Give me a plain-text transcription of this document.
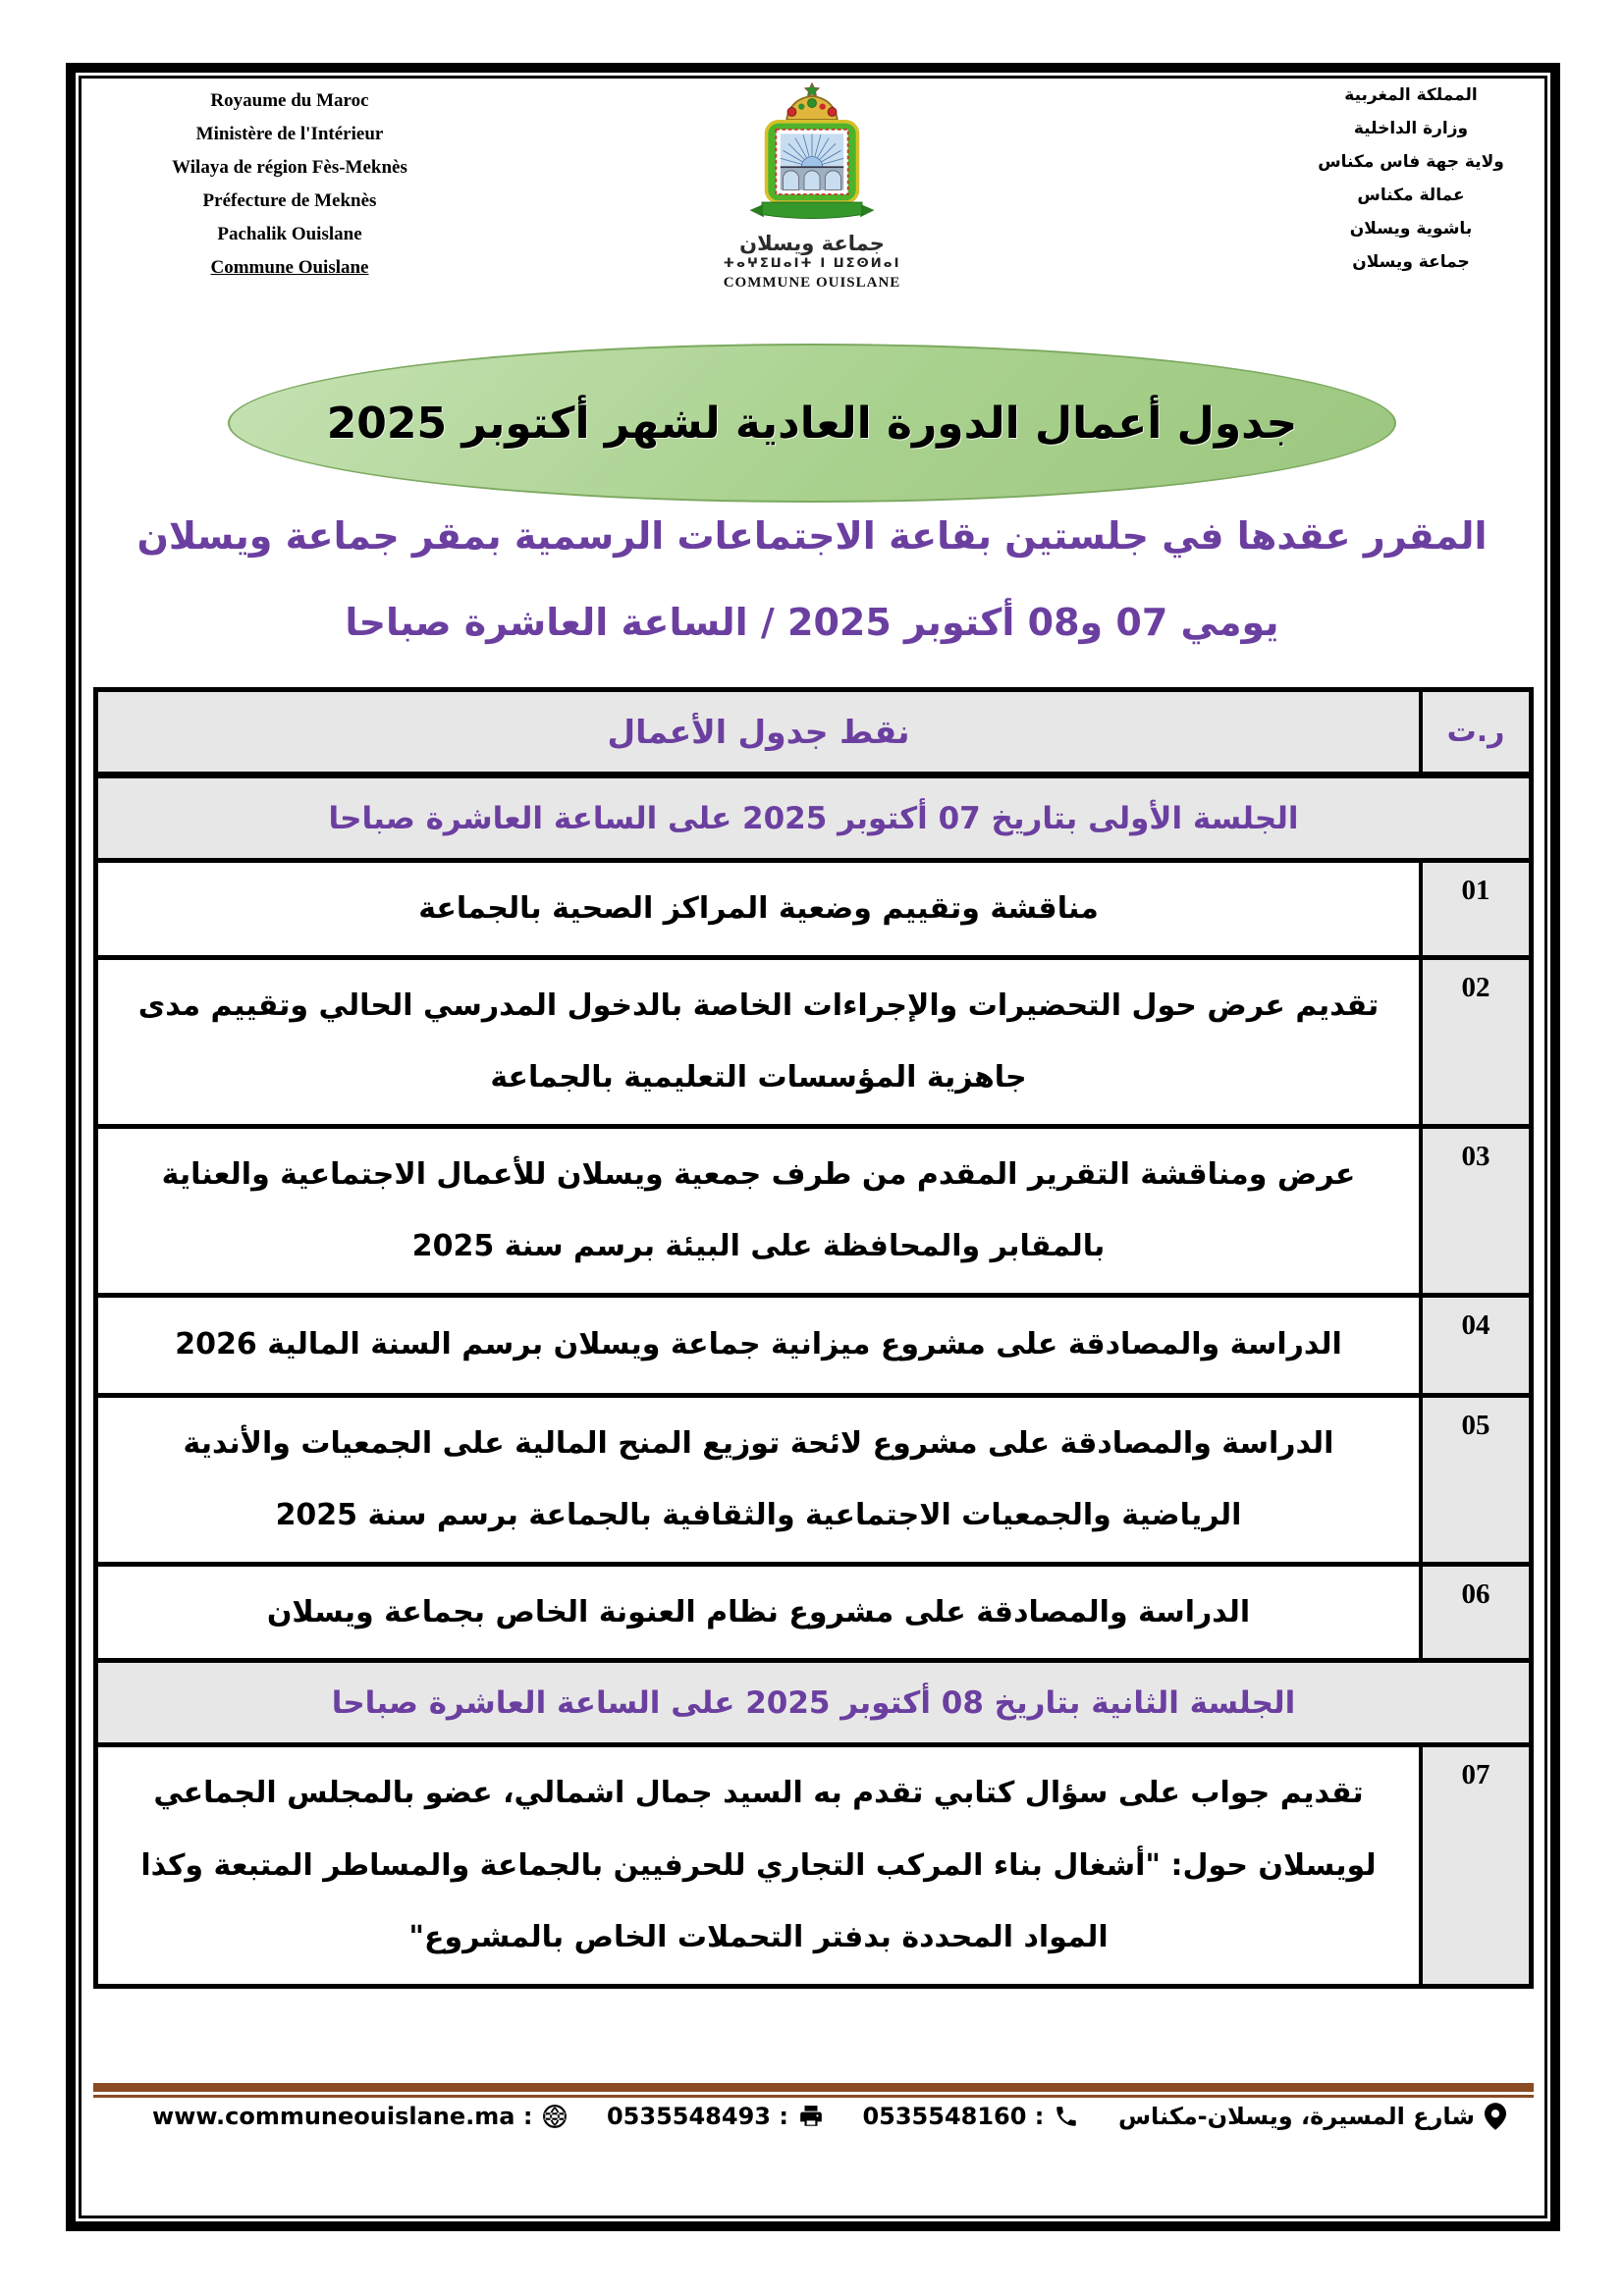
Royaume du Maroc
Ministère de l'Intérieur
Wilaya de région Fès-Meknès
Préfecture de Meknès
Pachalik Ouislane
Commune Ouislane
جماعة ويسلان
ⵜⴰⵖⵉⵡⴰⵏⵜ ⵏ ⵡⵉⵙⵍⴰⵏ
COMMUNE OUISLANE
المملكة المغربية
وزارة الداخلية
ولاية جهة فاس مكناس
عمالة مكناس
باشوية ويسلان
جماعة ويسلان
جدول أعمال الدورة العادية لشهر أكتوبر 2025
المقرر عقدها في جلستين بقاعة الاجتماعات الرسمية بمقر جماعة ويسلان
يومي 07 و08 أكتوبر 2025 / الساعة العاشرة صباحا
ر.ت
نقط جدول الأعمال
الجلسة الأولى بتاريخ 07 أكتوبر 2025 على الساعة العاشرة صباحا
01
مناقشة وتقييم وضعية المراكز الصحية بالجماعة
02
تقديم عرض حول التحضيرات والإجراءات الخاصة بالدخول المدرسي الحالي وتقييم مدى جاهزية المؤسسات التعليمية بالجماعة
03
عرض ومناقشة التقرير المقدم من طرف جمعية ويسلان للأعمال الاجتماعية والعناية بالمقابر والمحافظة على البيئة برسم سنة 2025
04
الدراسة والمصادقة على مشروع ميزانية جماعة ويسلان برسم السنة المالية 2026
05
الدراسة والمصادقة على مشروع لائحة توزيع المنح المالية على الجمعيات والأندية الرياضية والجمعيات الاجتماعية والثقافية بالجماعة برسم سنة 2025
06
الدراسة والمصادقة على مشروع نظام العنونة الخاص بجماعة ويسلان
الجلسة الثانية بتاريخ 08 أكتوبر 2025 على الساعة العاشرة صباحا
07
تقديم جواب على سؤال كتابي تقدم به السيد جمال اشمالي، عضو بالمجلس الجماعي لويسلان حول: "أشغال بناء المركب التجاري للحرفيين بالجماعة والمساطر المتبعة وكذا المواد المحددة بدفتر التحملات الخاص بالمشروع"
شارع المسيرة، ويسلان-مكناس
: 0535548160
: 0535548493
: www.communeouislane.ma
